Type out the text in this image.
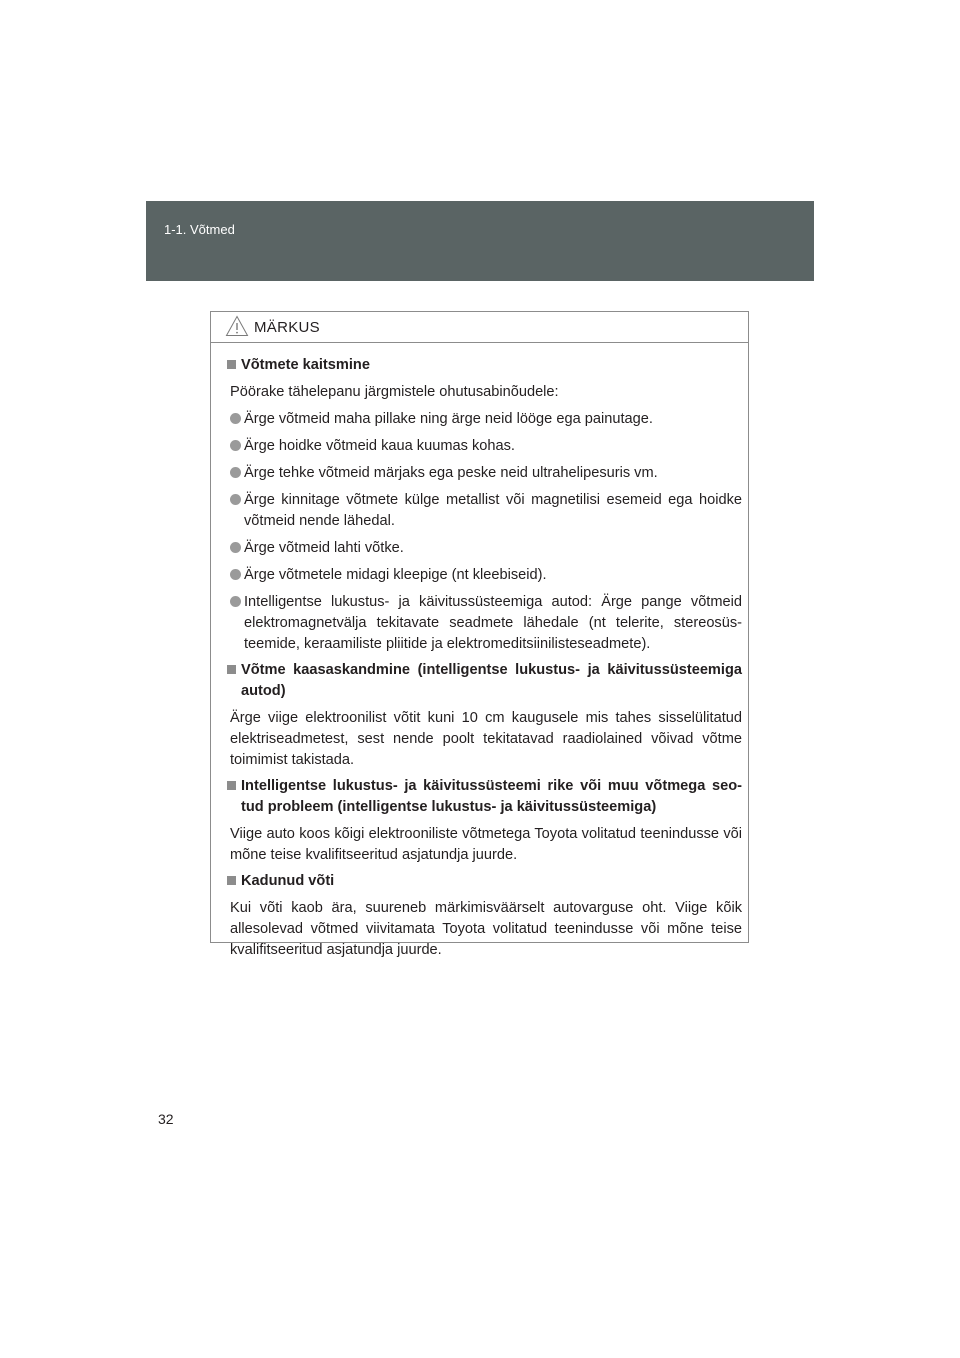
1-1. Võtmed
MÄRKUS
Võtmete kaitsmine
Pöörake tähelepanu järgmistele ohutusabinõudele:
Ärge võtmeid maha pillake ning ärge neid lööge ega painutage.
Ärge hoidke võtmeid kaua kuumas kohas.
Ärge tehke võtmeid märjaks ega peske neid ultrahelipesuris vm.
Ärge kinnitage võtmete külge metallist või magnetilisi esemeid ega hoidke võtmeid nende lähedal.
Ärge võtmeid lahti võtke.
Ärge võtmetele midagi kleepige (nt kleebiseid).
Intelligentse lukustus- ja käivitussüsteemiga autod: Ärge pange võtmeid elektromagnetvälja tekitavate seadmete lähedale (nt telerite, stereosüs-teemide, keraamiliste pliitide ja elektromeditsiinilisteseadmete).
Võtme kaasaskandmine (intelligentse lukustus- ja käivitussüsteemiga autod)
Ärge viige elektroonilist võtit kuni 10 cm kaugusele mis tahes sisselülitatud elektriseadmetest, sest nende poolt tekitatavad raadiolained võivad võtme toimimist takistada.
Intelligentse lukustus- ja käivitussüsteemi rike või muu võtmega seo-tud probleem (intelligentse lukustus- ja käivitussüsteemiga)
Viige auto koos kõigi elektrooniliste võtmetega Toyota volitatud teenindusse või mõne teise kvalifitseeritud asjatundja juurde.
Kadunud võti
Kui võti kaob ära, suureneb märkimisväärselt autovarguse oht. Viige kõik allesolevad võtmed viivitamata Toyota volitatud teenindusse või mõne teise kvalifitseeritud asjatundja juurde.
32
